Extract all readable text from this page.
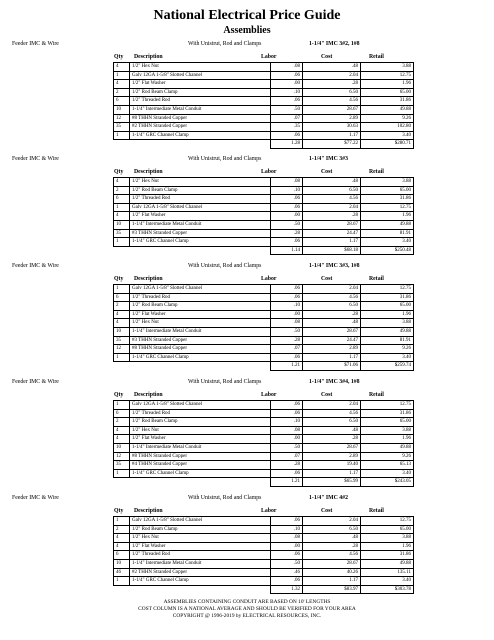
National Electrical Price Guide
Assemblies
Feeder IMC & Wire	With Unistrut, Rod and Clamps	1-1/4" IMC 3#2, 1#8
Qty Description	Labor	Cost	Retail
4	1/2" Hex Nut	.08	.48	3.88
1	Galv 12GA 1-5/8" Slotted Channel	.06	2.04	12.75
4	1/2" Flat Washer	.00	.28	1.96
2	1/2" Rod Beam Clamp	.10	6.50	65.00
6	1/2" Threaded Rod	.06	4.56	31.86
10	1-1/4" Intermediate Metal Conduit	.50	28.67	49.88
12	#8 THHN Stranded Copper	.07	2.89	9.26
35	#2 THHN Stranded Copper	.35	30.63	102.80
1	1-1/4" GRC Channel Clamp	.06	1.17	3.40
		1.28	$77.22	$280.71
Feeder IMC & Wire	With Unistrut, Rod and Clamps	1-1/4" IMC 3#3
Qty Description	Labor	Cost	Retail
4	1/2" Hex Nut	.08	.48	3.88
2	1/2" Rod Beam Clamp	.10	6.50	65.00
6	1/2" Threaded Rod	.06	4.56	31.86
1	Galv 12GA 1-5/8" Slotted Channel	.06	2.04	12.75
4	1/2" Flat Washer	.00	.28	1.96
10	1-1/4" Intermediate Metal Conduit	.50	28.67	49.88
35	#3 THHN Stranded Copper	.28	24.47	81.91
1	1-1/4" GRC Channel Clamp	.06	1.17	3.40
		1.14	$68.18	$250.48
Feeder IMC & Wire	With Unistrut, Rod and Clamps	1-1/4" IMC 3#3, 1#8
Qty Description	Labor	Cost	Retail
1	Galv 12GA 1-5/8" Slotted Channel	.06	2.04	12.75
6	1/2" Threaded Rod	.06	4.56	31.86
2	1/2" Rod Beam Clamp	.10	6.50	65.00
4	1/2" Flat Washer	.00	.28	1.96
4	1/2" Hex Nut	.08	.48	3.88
10	1-1/4" Intermediate Metal Conduit	.50	28.67	49.88
35	#3 THHN Stranded Copper	.28	24.47	81.91
12	#8 THHN Stranded Copper	.07	2.89	9.26
1	1-1/4" GRC Channel Clamp	.06	1.17	3.40
		1.21	$71.06	$259.74
Feeder IMC & Wire	With Unistrut, Rod and Clamps	1-1/4" IMC 3#4, 1#8
Qty Description	Labor	Cost	Retail
1	Galv 12GA 1-5/8" Slotted Channel	.06	2.04	12.75
6	1/2" Threaded Rod	.06	4.56	31.86
2	1/2" Rod Beam Clamp	.10	6.50	65.00
4	1/2" Hex Nut	.08	.48	3.88
4	1/2" Flat Washer	.00	.28	1.96
10	1-1/4" Intermediate Metal Conduit	.50	28.67	49.88
12	#8 THHN Stranded Copper	.07	2.89	9.26
35	#4 THHN Stranded Copper	.28	19.40	65.13
1	1-1/4" GRC Channel Clamp	.06	1.17	3.40
		1.21	$65.99	$243.05
Feeder IMC & Wire	With Unistrut, Rod and Clamps	1-1/4" IMC 4#2
Qty Description	Labor	Cost	Retail
1	Galv 12GA 1-5/8" Slotted Channel	.06	2.04	12.75
2	1/2" Rod Beam Clamp	.10	6.50	65.00
4	1/2" Hex Nut	.08	.48	3.88
4	1/2" Flat Washer	.00	.28	1.96
6	1/2" Threaded Rod	.06	4.56	31.86
10	1-1/4" Intermediate Metal Conduit	.50	28.67	49.88
46	#2 THHN Stranded Copper	.46	40.26	135.11
1	1-1/4" GRC Channel Clamp	.06	1.17	3.40
		1.32	$83.97	$303.78
ASSEMBLIES CONTAINING CONDUIT ARE BASED ON 10' LENGTHS
COST COLUMN IS A NATIONAL AVERAGE AND SHOULD BE VERIFIED FOR YOUR AREA
COPYRIGHT @ 1996-2019 by ELECTRICAL RESOURCES, INC.
